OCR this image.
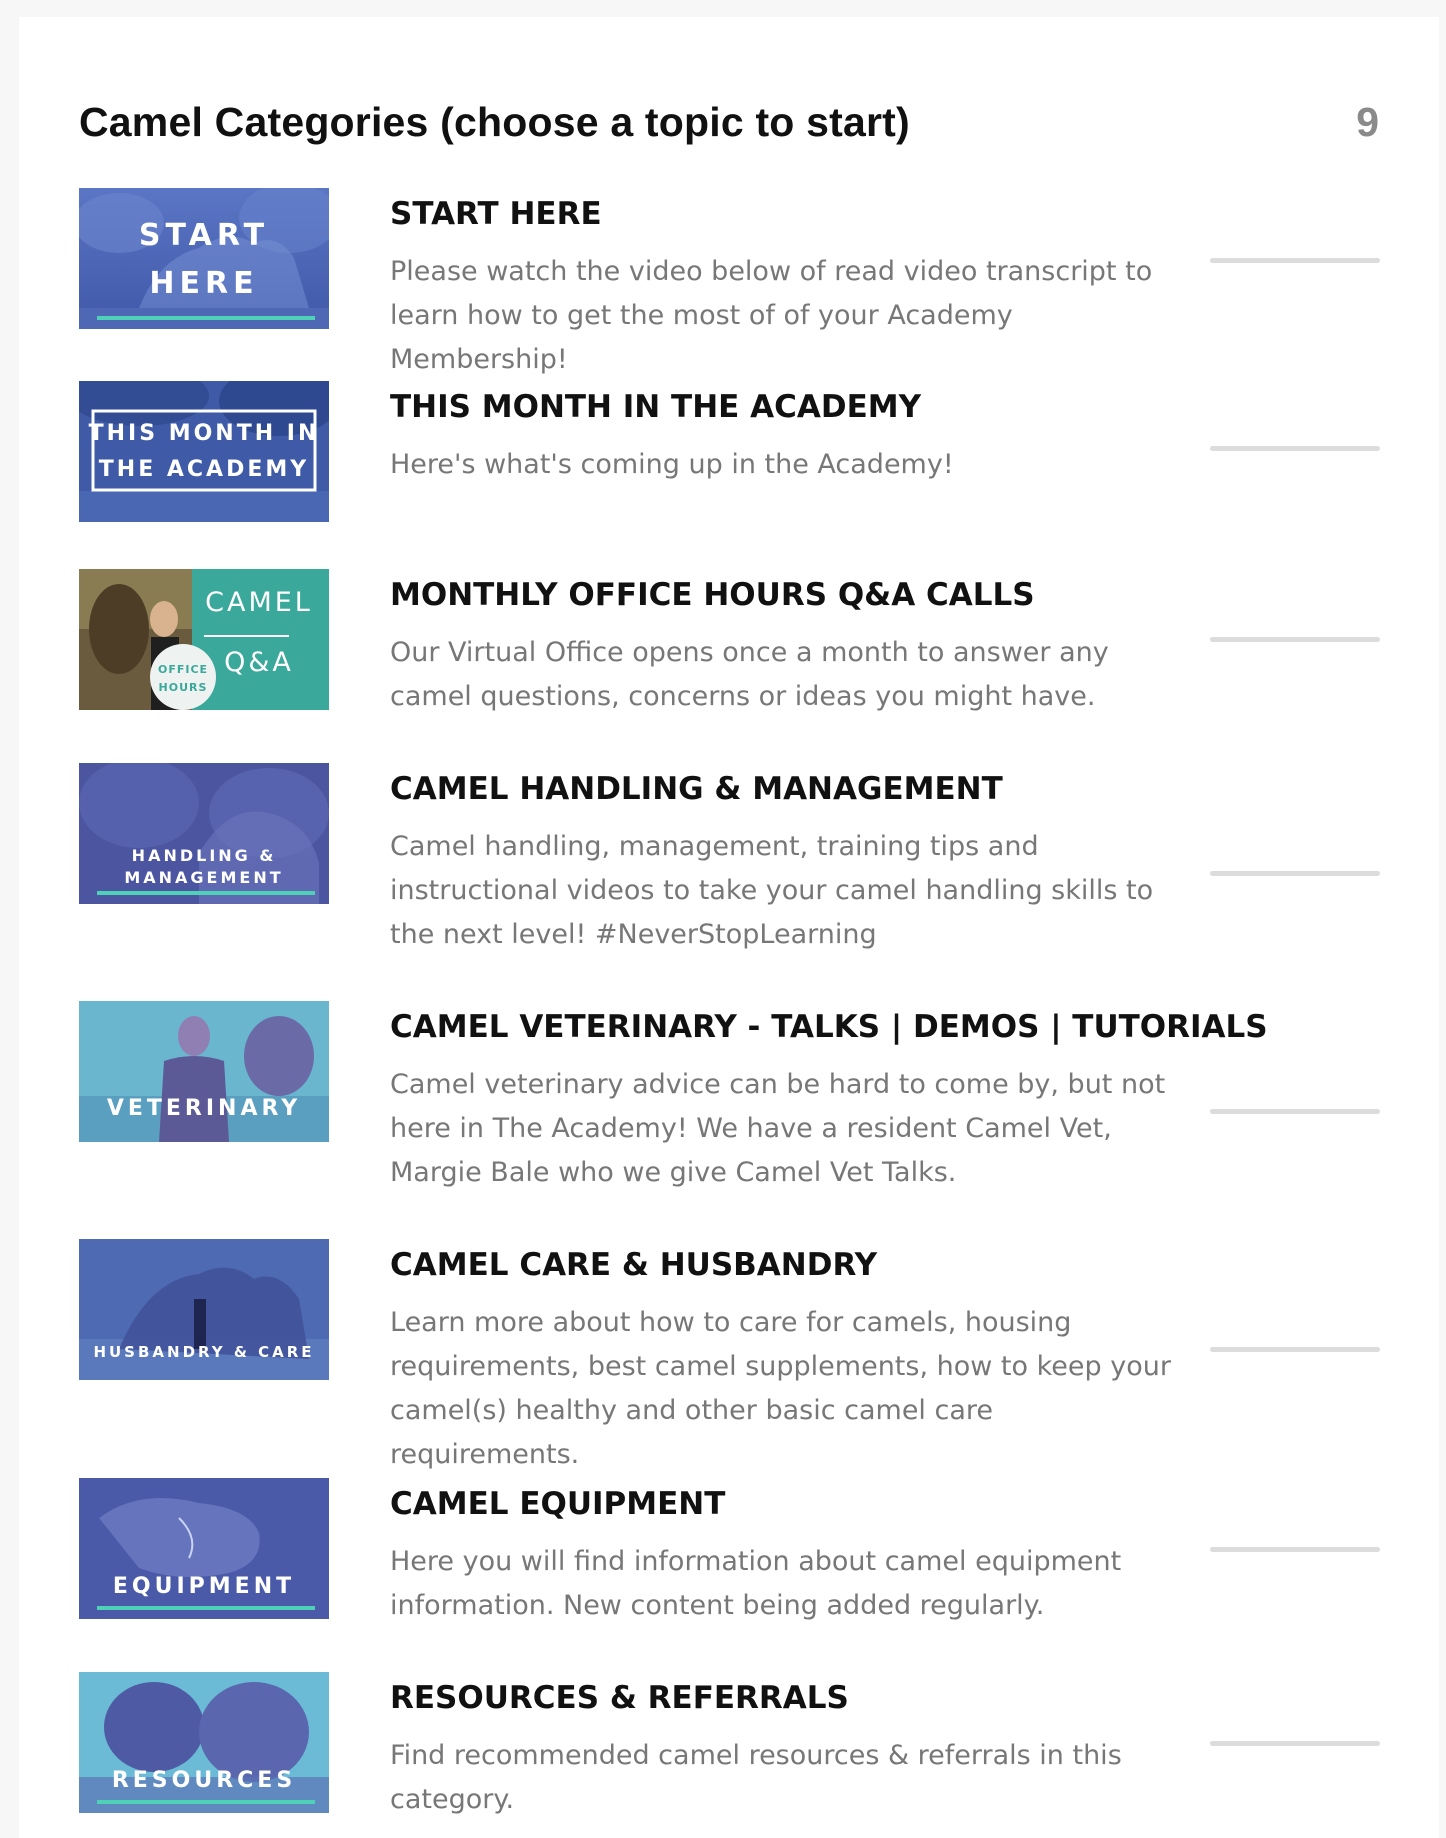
Camel Categories (choose a topic to start)	9
START
HERE
START HERE
Please watch the video below of read video transcript to learn how to get the most of of your Academy Membership!
THIS MONTH IN
THE ACADEMY
THIS MONTH IN THE ACADEMY
Here's what's coming up in the Academy!
CAMEL
Q&A
OFFICE
HOURS
MONTHLY OFFICE HOURS Q&A CALLS
Our Virtual Office opens once a month to answer any camel questions, concerns or ideas you might have.
HANDLING &
MANAGEMENT
CAMEL HANDLING & MANAGEMENT
Camel handling, management, training tips and instructional videos to take your camel handling skills to the next level! #NeverStopLearning
VETERINARY
CAMEL VETERINARY - TALKS | DEMOS | TUTORIALS
Camel veterinary advice can be hard to come by, but not here in The Academy! We have a resident Camel Vet, Margie Bale who we give Camel Vet Talks.
HUSBANDRY & CARE
CAMEL CARE & HUSBANDRY
Learn more about how to care for camels, housing requirements, best camel supplements, how to keep your camel(s) healthy and other basic camel care requirements.
EQUIPMENT
CAMEL EQUIPMENT
Here you will find information about camel equipment information. New content being added regularly.
RESOURCES
RESOURCES & REFERRALS
Find recommended camel resources & referrals in this category.
